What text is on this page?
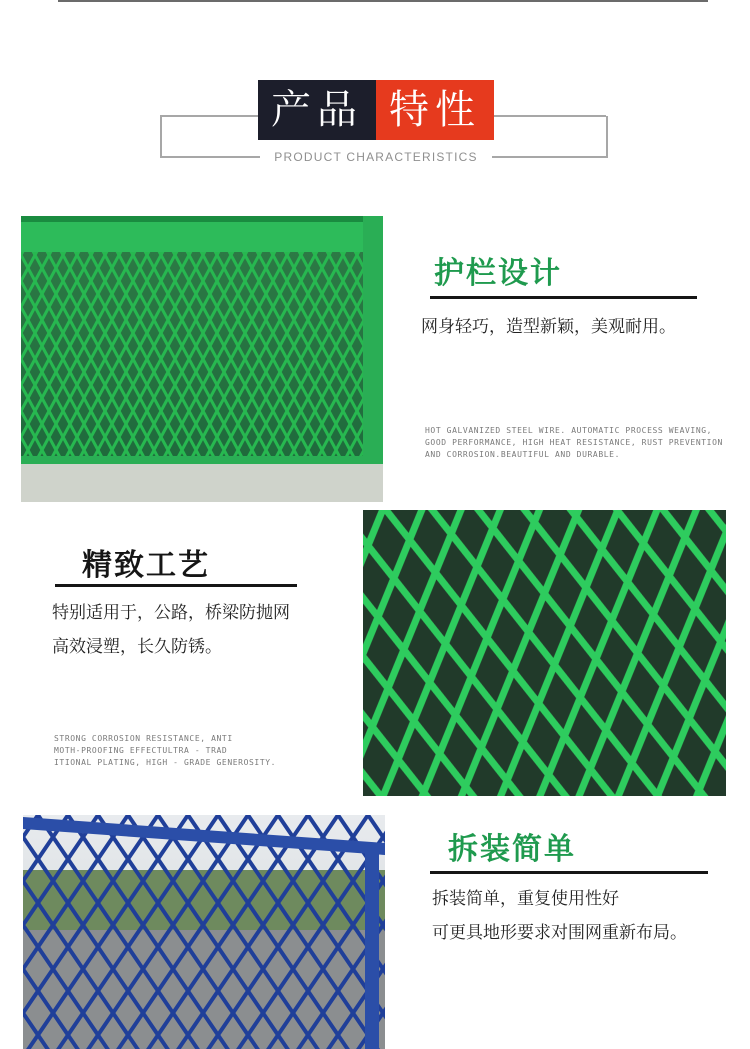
产品 特性
PRODUCT CHARACTERISTICS
护栏设计
网身轻巧，造型新颖，美观耐用。
HOT GALVANIZED STEEL WIRE. AUTOMATIC PROCESS WEAVING,
GOOD PERFORMANCE, HIGH HEAT RESISTANCE, RUST PREVENTION
AND CORROSION.BEAUTIFUL AND DURABLE.
精致工艺
特别适用于，公路，桥梁防抛网
高效浸塑，长久防锈。
STRONG CORROSION RESISTANCE, ANTI
MOTH-PROOFING EFFECTULTRA - TRAD
ITIONAL PLATING, HIGH - GRADE GENEROSITY.
拆装简单
拆装简单，重复使用性好
可更具地形要求对围网重新布局。
